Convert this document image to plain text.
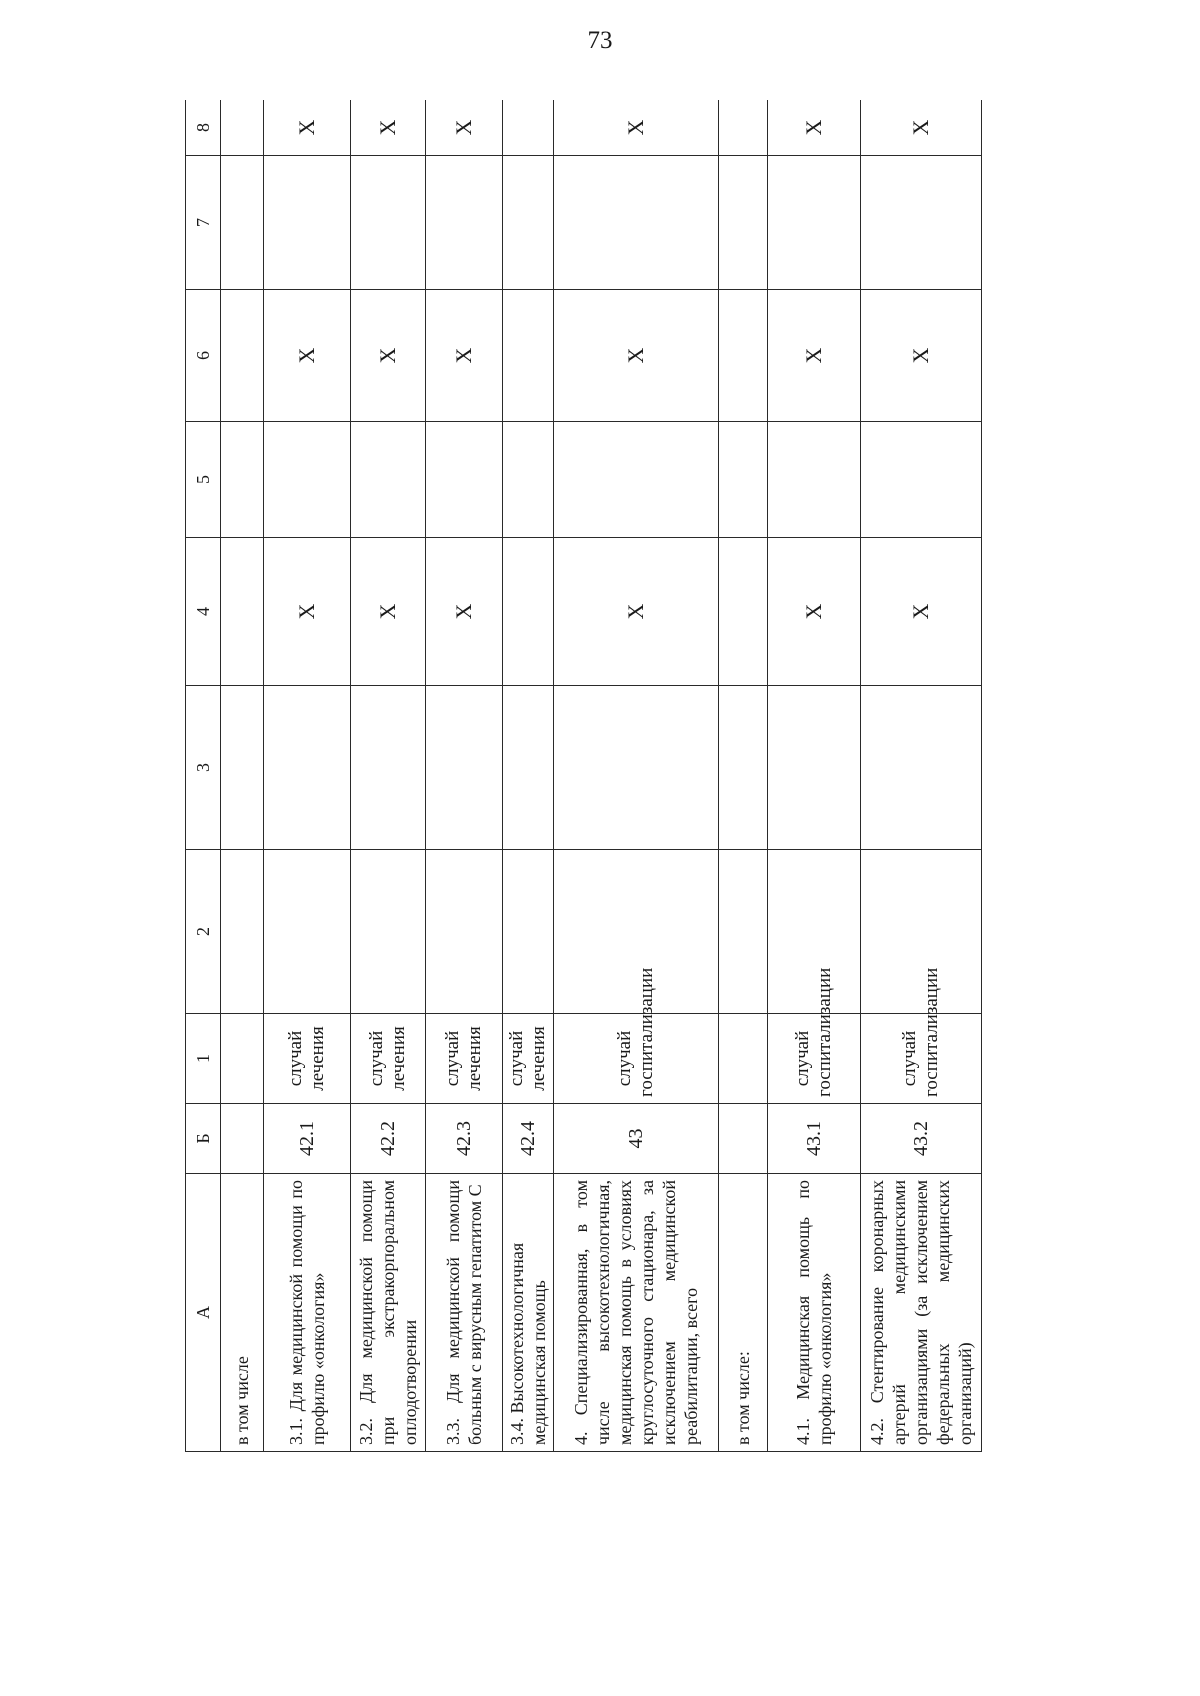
73
А	Б	1	2	3	4	5	6	7	8
в том числе									
3.1. Для медицинской помощи по профилю «онкология»	42.1	случай лечения			Х		Х		Х
3.2. Для медицинской помощи при экстракорпоральном оплодотворении	42.2	случай лечения			Х		Х		Х
3.3. Для медицинской помощи больным с вирусным гепатитом С	42.3	случай лечения			Х		Х		Х
3.4. Высокотехнологичная медицинская помощь	42.4	случай лечения							
4. Специализированная, в том числе высокотехнологичная, медицинская помощь в условиях круглосуточного стационара, за исключением медицинской реабилитации, всего	43	случай госпитализации			Х		Х		Х
в том числе:									
4.1. Медицинская помощь по профилю «онкология»	43.1	случай госпитализации			Х		Х		Х
4.2. Стентирование коронарных артерий медицинскими организациями (за исключением федеральных медицинских организаций)	43.2	случай госпитализации			Х		Х		Х
